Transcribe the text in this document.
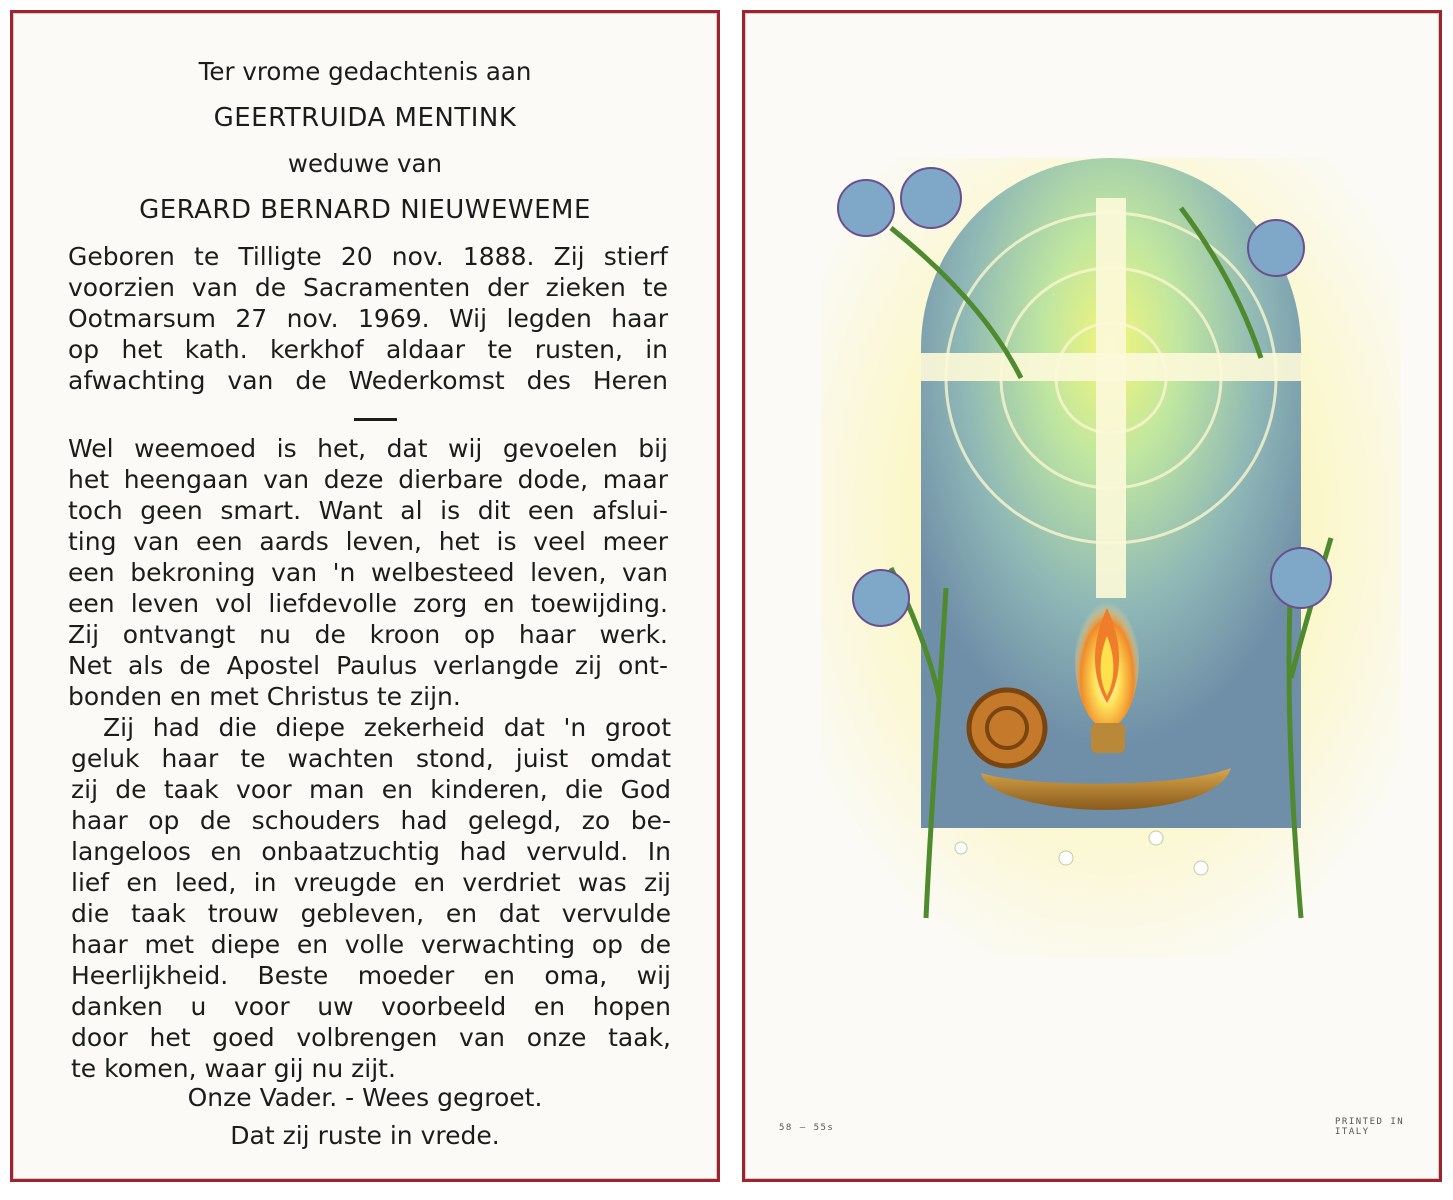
Ter vrome gedachtenis aan
GEERTRUIDA MENTINK
weduwe van
GERARD BERNARD NIEUWEWEME
Geboren te Tilligte 20 nov. 1888. Zij stierf
voorzien van de Sacramenten der zieken te
Ootmarsum 27 nov. 1969. Wij legden haar
op het kath. kerkhof aldaar te rusten, in
afwachting van de Wederkomst des Heren
Wel weemoed is het, dat wij gevoelen bij
het heengaan van deze dierbare dode, maar
toch geen smart. Want al is dit een afslui-
ting van een aards leven, het is veel meer
een bekroning van 'n welbesteed leven, van
een leven vol liefdevolle zorg en toewijding.
Zij ontvangt nu de kroon op haar werk.
Net als de Apostel Paulus verlangde zij ont-
bonden en met Christus te zijn.
Zij had die diepe zekerheid dat 'n groot
geluk haar te wachten stond, juist omdat
zij de taak voor man en kinderen, die God
haar op de schouders had gelegd, zo be-
langeloos en onbaatzuchtig had vervuld. In
lief en leed, in vreugde en verdriet was zij
die taak trouw gebleven, en dat vervulde
haar met diepe en volle verwachting op de
Heerlijkheid. Beste moeder en oma, wij
danken u voor uw voorbeeld en hopen
door het goed volbrengen van onze taak,
te komen, waar gij nu zijt.
Onze Vader. - Wees gegroet.
Dat zij ruste in vrede.	58 — 55s
PRINTED IN ITALY
